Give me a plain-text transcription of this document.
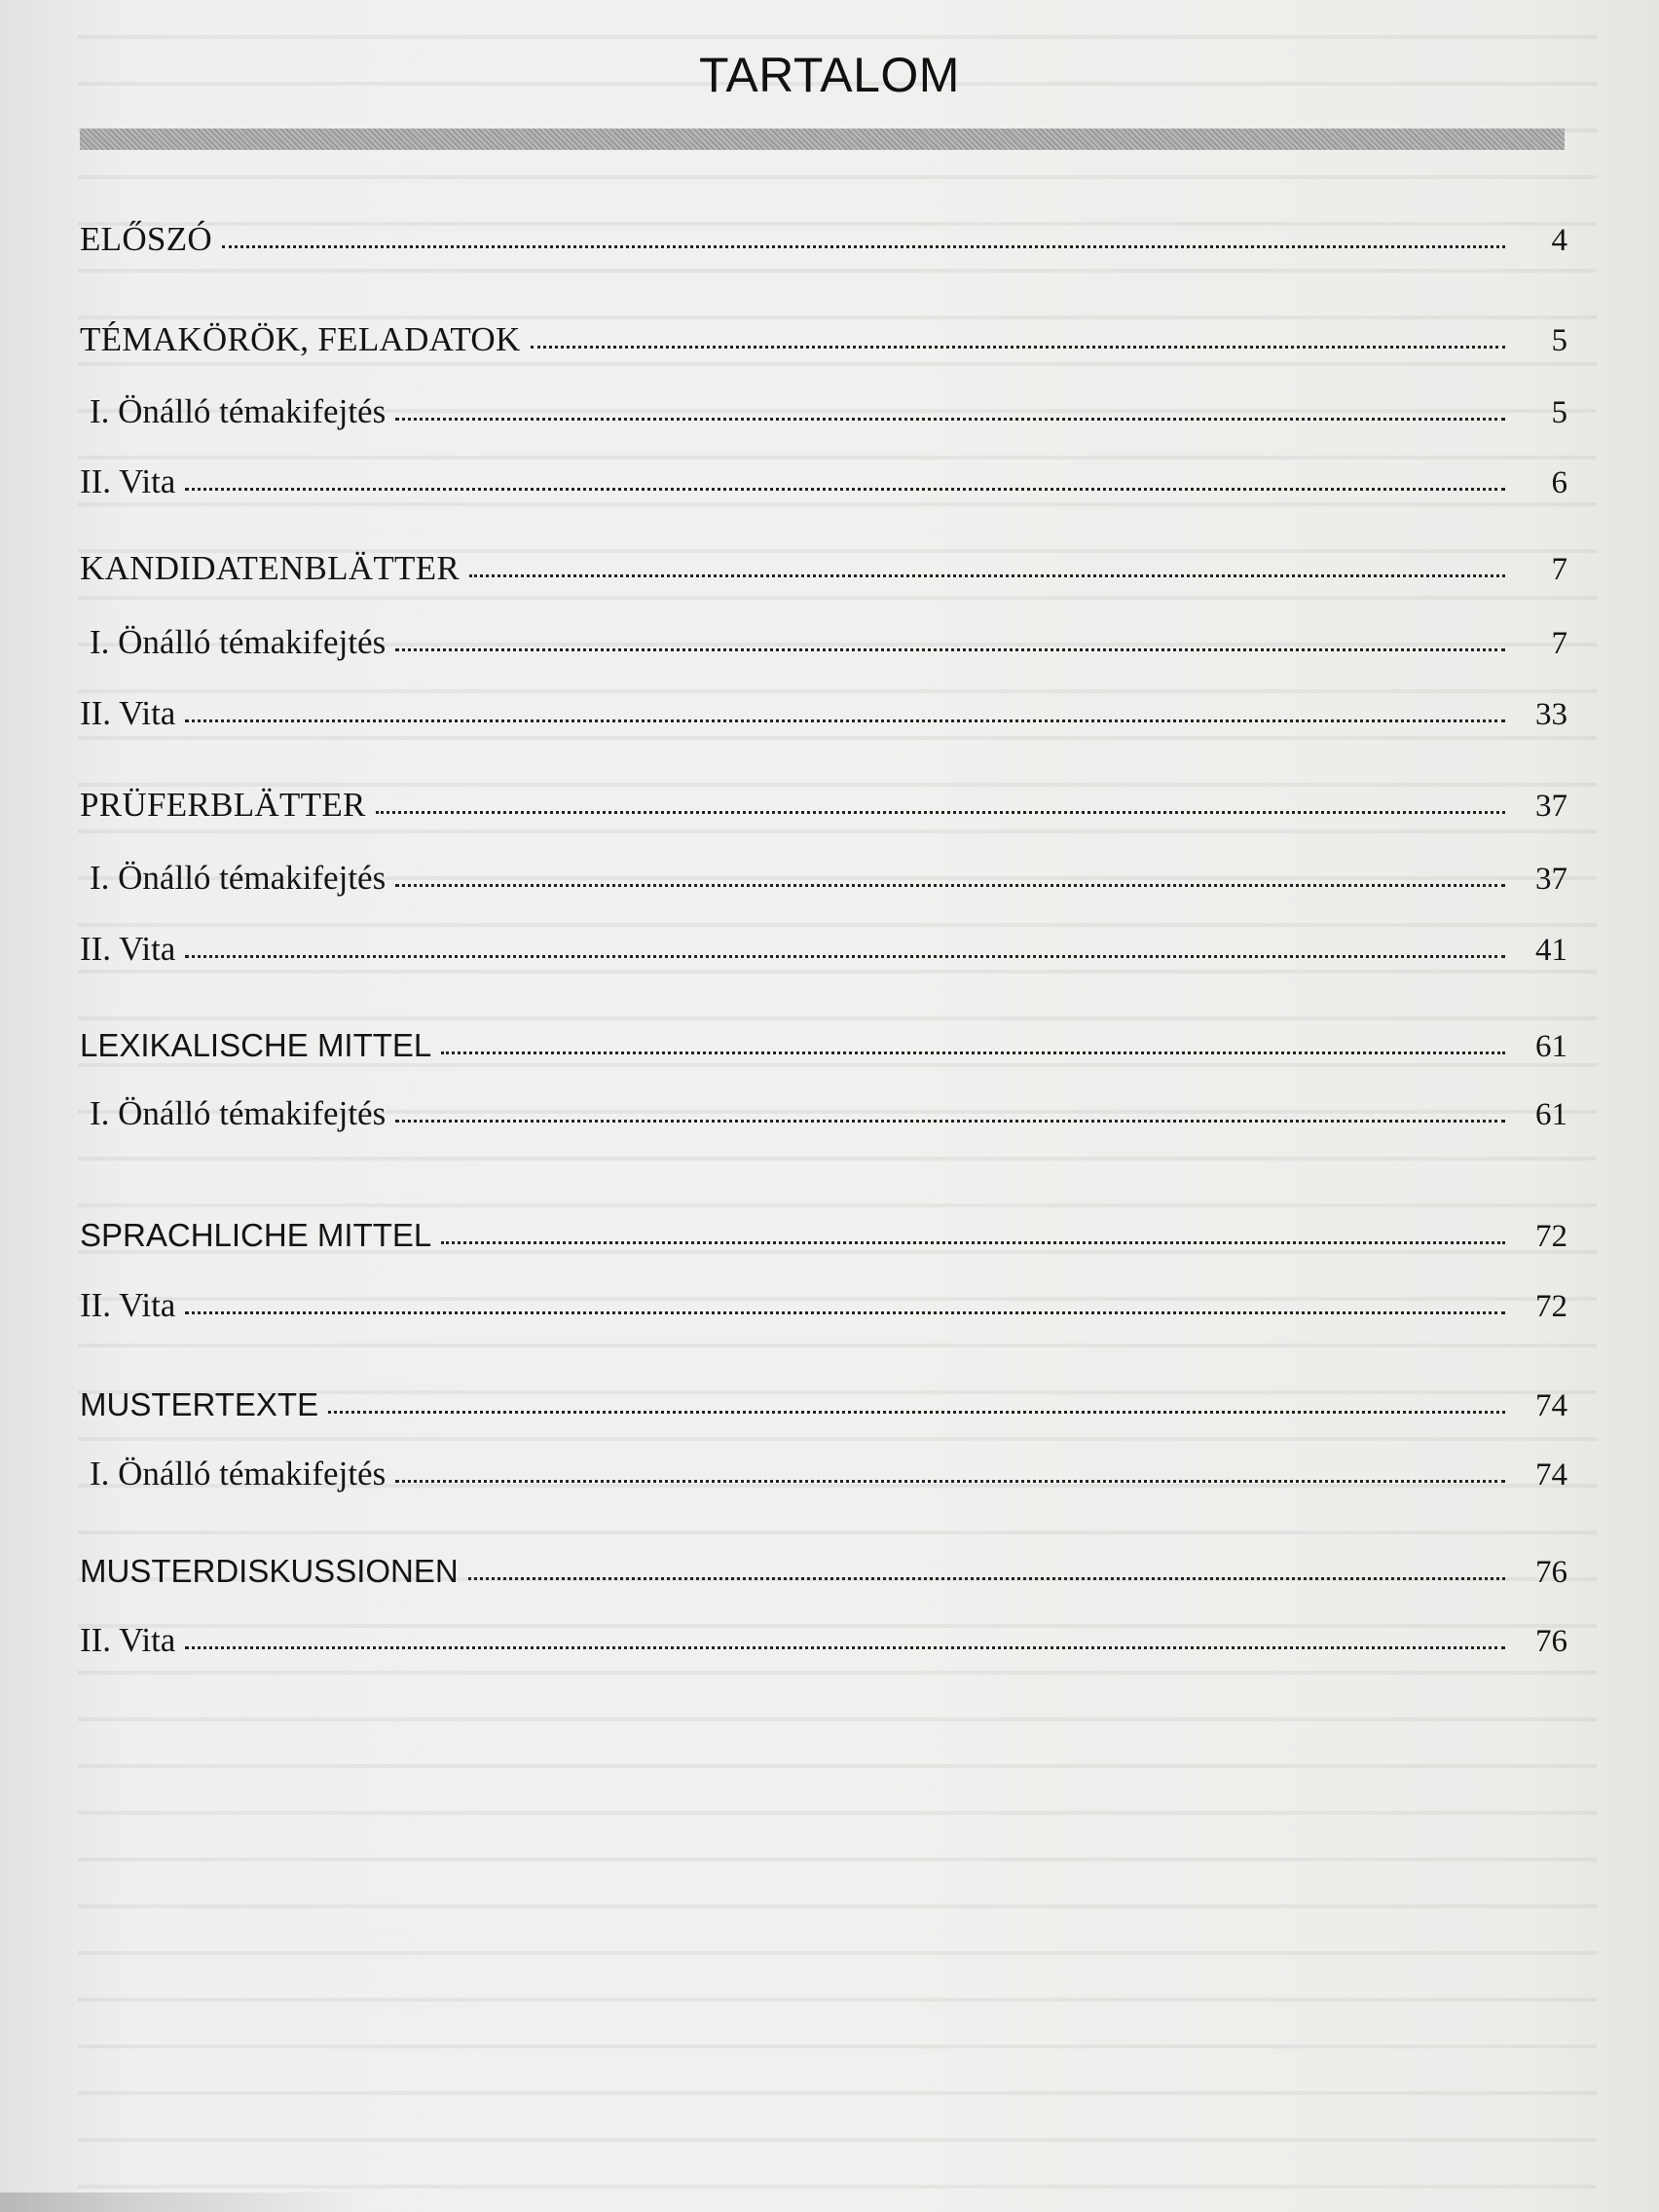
TARTALOM
ELŐSZÓ	4
TÉMAKÖRÖK, FELADATOK	5
I. Önálló témakifejtés	5
II. Vita	6
KANDIDATENBLÄTTER	7
I. Önálló témakifejtés	7
II. Vita	33
PRÜFERBLÄTTER	37
I. Önálló témakifejtés	37
II. Vita	41
LEXIKALISCHE MITTEL	61
I. Önálló témakifejtés	61
SPRACHLICHE MITTEL	72
II. Vita	72
MUSTERTEXTE	74
I. Önálló témakifejtés	74
MUSTERDISKUSSIONEN	76
II. Vita	76
